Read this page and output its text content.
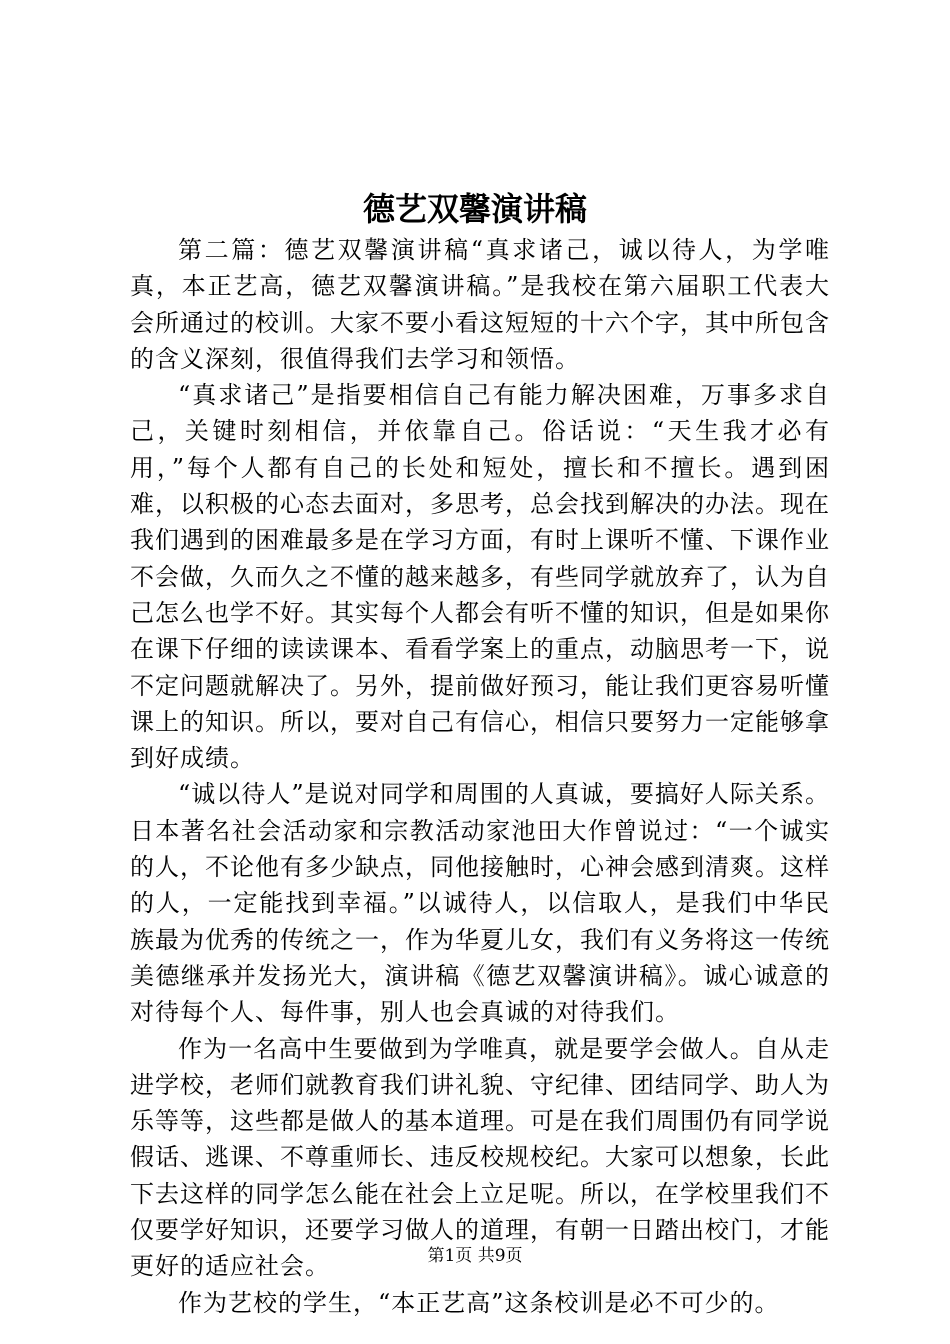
德艺双馨演讲稿

第二篇：德艺双馨演讲稿“真求诸己，诚以待人，为学唯真，本正艺高，德艺双馨演讲稿。”是我校在第六届职工代表大会所通过的校训。大家不要小看这短短的十六个字，其中所包含的含义深刻，很值得我们去学习和领悟。

“真求诸己”是指要相信自己有能力解决困难，万事多求自己，关键时刻相信，并依靠自己。俗话说：“天生我才必有用，”每个人都有自己的长处和短处，擅长和不擅长。遇到困难，以积极的心态去面对，多思考，总会找到解决的办法。现在我们遇到的困难最多是在学习方面，有时上课听不懂、下课作业不会做，久而久之不懂的越来越多，有些同学就放弃了，认为自己怎么也学不好。其实每个人都会有听不懂的知识，但是如果你在课下仔细的读读课本、看看学案上的重点，动脑思考一下，说不定问题就解决了。另外，提前做好预习，能让我们更容易听懂课上的知识。所以，要对自己有信心，相信只要努力一定能够拿到好成绩。

“诚以待人”是说对同学和周围的人真诚，要搞好人际关系。日本著名社会活动家和宗教活动家池田大作曾说过：“一个诚实的人，不论他有多少缺点，同他接触时，心神会感到清爽。这样的人，一定能找到幸福。”以诚待人，以信取人，是我们中华民族最为优秀的传统之一，作为华夏儿女，我们有义务将这一传统美德继承并发扬光大，演讲稿《德艺双馨演讲稿》。诚心诚意的对待每个人、每件事，别人也会真诚的对待我们。

作为一名高中生要做到为学唯真，就是要学会做人。自从走进学校，老师们就教育我们讲礼貌、守纪律、团结同学、助人为乐等等，这些都是做人的基本道理。可是在我们周围仍有同学说假话、逃课、不尊重师长、违反校规校纪。大家可以想象，长此下去这样的同学怎么能在社会上立足呢。所以，在学校里我们不仅要学好知识，还要学习做人的道理，有朝一日踏出校门，才能更好的适应社会。

作为艺校的学生，“本正艺高”这条校训是必不可少的。

第1页 共9页
